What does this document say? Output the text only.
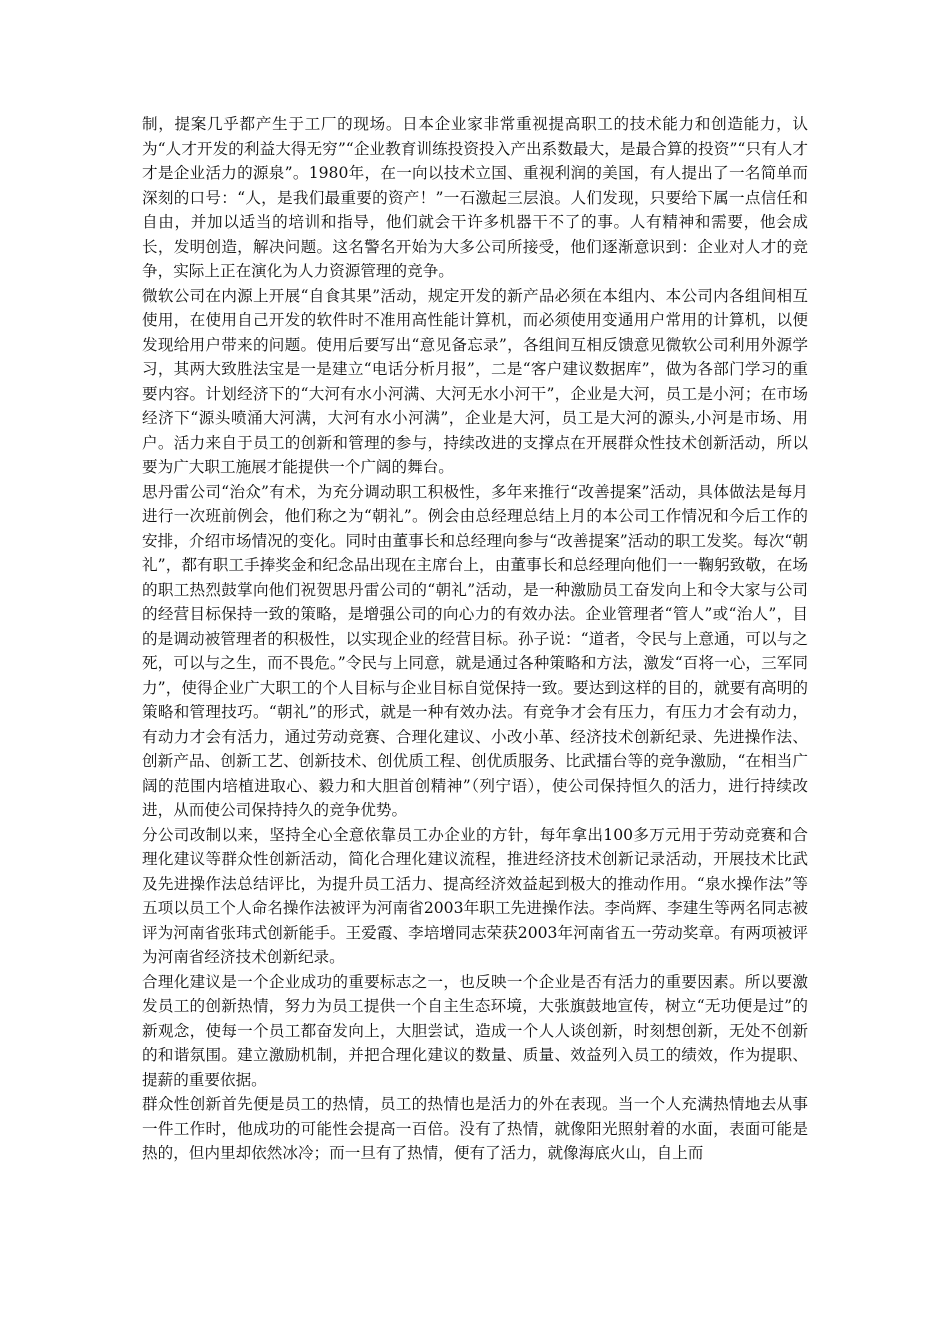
制，提案几乎都产生于工厂的现场。日本企业家非常重视提高职工的技术能力和创造能力，认为“人才开发的利益大得无穷”“企业教育训练投资投入产出系数最大，是最合算的投资”“只有人才才是企业活力的源泉”。1980年，在一向以技术立国、重视利润的美国，有人提出了一名简单而深刻的口号：“人，是我们最重要的资产！”一石激起三层浪。人们发现，只要给下属一点信任和自由，并加以适当的培训和指导，他们就会干许多机器干不了的事。人有精神和需要，他会成长，发明创造，解决问题。这名警名开始为大多公司所接受，他们逐渐意识到：企业对人才的竞争，实际上正在演化为人力资源管理的竞争。

微软公司在内源上开展“自食其果”活动，规定开发的新产品必须在本组内、本公司内各组间相互使用，在使用自己开发的软件时不准用高性能计算机，而必须使用变通用户常用的计算机，以便发现给用户带来的问题。使用后要写出“意见备忘录”，各组间互相反馈意见微软公司利用外源学习，其两大致胜法宝是一是建立“电话分析月报”，二是“客户建议数据库”，做为各部门学习的重要内容。计划经济下的“大河有水小河满、大河无水小河干”，企业是大河，员工是小河；在市场经济下“源头喷涌大河满，大河有水小河满”，企业是大河，员工是大河的源头,小河是市场、用户。活力来自于员工的创新和管理的参与，持续改进的支撑点在开展群众性技术创新活动，所以要为广大职工施展才能提供一个广阔的舞台。

思丹雷公司“治众”有术，为充分调动职工积极性，多年来推行“改善提案”活动，具体做法是每月进行一次班前例会，他们称之为“朝礼”。例会由总经理总结上月的本公司工作情况和今后工作的安排，介绍市场情况的变化。同时由董事长和总经理向参与“改善提案”活动的职工发奖。每次“朝礼”，都有职工手捧奖金和纪念品出现在主席台上，由董事长和总经理向他们一一鞠躬致敬，在场的职工热烈鼓掌向他们祝贺思丹雷公司的“朝礼”活动，是一种激励员工奋发向上和令大家与公司的经营目标保持一致的策略，是增强公司的向心力的有效办法。企业管理者“管人”或“治人”，目的是调动被管理者的积极性，以实现企业的经营目标。孙子说：“道者，令民与上意通，可以与之死，可以与之生，而不畏危。”令民与上同意，就是通过各种策略和方法，激发“百将一心，三军同力”，使得企业广大职工的个人目标与企业目标自觉保持一致。要达到这样的目的，就要有高明的策略和管理技巧。“朝礼”的形式，就是一种有效办法。有竞争才会有压力，有压力才会有动力，有动力才会有活力，通过劳动竞赛、合理化建议、小改小革、经济技术创新纪录、先进操作法、创新产品、创新工艺、创新技术、创优质工程、创优质服务、比武擂台等的竞争激励，“在相当广阔的范围内培植进取心、毅力和大胆首创精神”（列宁语），使公司保持恒久的活力，进行持续改进，从而使公司保持持久的竞争优势。

分公司改制以来，坚持全心全意依靠员工办企业的方针，每年拿出100多万元用于劳动竞赛和合理化建议等群众性创新活动，简化合理化建议流程，推进经济技术创新记录活动，开展技术比武及先进操作法总结评比，为提升员工活力、提高经济效益起到极大的推动作用。“泉水操作法”等五项以员工个人命名操作法被评为河南省2003年职工先进操作法。李尚辉、李建生等两名同志被评为河南省张玮式创新能手。王爱霞、李培增同志荣获2003年河南省五一劳动奖章。有两项被评为河南省经济技术创新纪录。

合理化建议是一个企业成功的重要标志之一，也反映一个企业是否有活力的重要因素。所以要激发员工的创新热情，努力为员工提供一个自主生态环境，大张旗鼓地宣传，树立“无功便是过”的新观念，使每一个员工都奋发向上，大胆尝试，造成一个人人谈创新，时刻想创新，无处不创新的和谐氛围。建立激励机制，并把合理化建议的数量、质量、效益列入员工的绩效，作为提职、提薪的重要依据。

群众性创新首先便是员工的热情，员工的热情也是活力的外在表现。当一个人充满热情地去从事一件工作时，他成功的可能性会提高一百倍。没有了热情，就像阳光照射着的水面，表面可能是热的，但内里却依然冰冷；而一旦有了热情，便有了活力，就像海底火山，自上而
